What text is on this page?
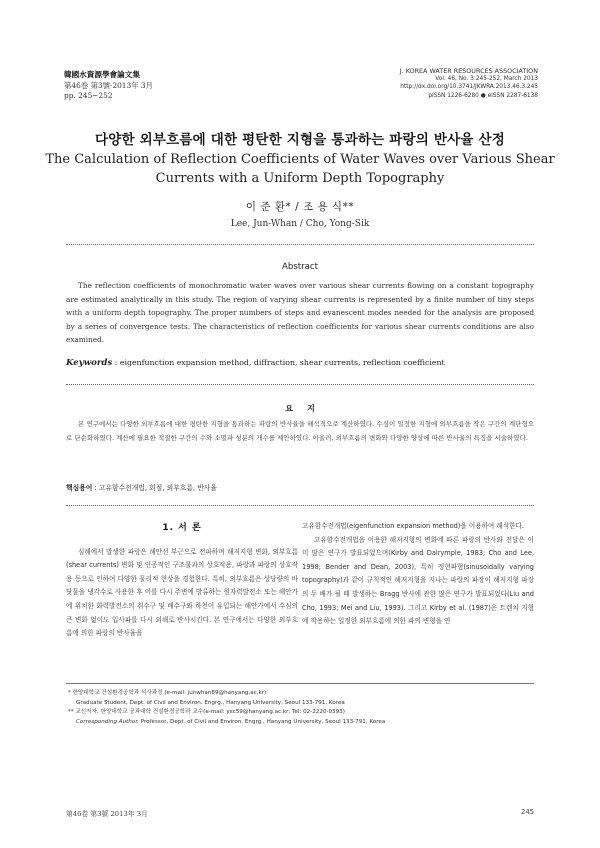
韓國水資源學會論文集
第46卷 第3號·2013年 3月
pp. 245~252
J. KOREA WATER RESOURCES ASSOCIATION
Vol. 46, No. 3:245-252, March 2013
http://dx.doi.org/10.3741/JKWRA.2013.46.3.245
pISSN 1226-6280 ● eISSN 2287-6138
다양한 외부흐름에 대한 평탄한 지형을 통과하는 파랑의 반사율 산정
The Calculation of Reflection Coefficients of Water Waves over Various Shear
Currents with a Uniform Depth Topography
이 준 환* / 조 용 식**
Lee, Jun-Whan / Cho, Yong-Sik
Abstract
The reflection coefficients of monochromatic water waves over various shear currents flowing on a constant topography are estimated analytically in this study. The region of varying shear currents is represented by a finite number of tiny steps with a uniform depth topography. The proper numbers of steps and evanescent modes needed for the analysis are proposed by a series of convergence tests. The characteristics of reflection coefficients for various shear currents conditions are also examined.
Keywords : eigenfunction expansion method, diffraction, shear currents, reflection coefficient
요지
본 연구에서는 다양한 외부흐름에 대한 평탄한 지형을 통과하는 파랑의 반사율을 해석적으로 계산하였다. 수심이 일정한 지형에 외부흐름을 작은 구간의 계단형으로 단순화하였다. 계산에 필요한 적절한 구간의 수와 소멸파 성분의 개수를 제안하였다. 아울러, 외부흐름의 변화와 다양한 양상에 따른 반사율의 특징을 서술하였다.
핵심용어 : 고유함수전개법, 회절, 외부흐름, 반사율
1. 서 론

심해에서 발생한 파랑은 해안선 부근으로 전파하며 해저지형 변화, 외부흐름(shear currents) 변화 및 인공적인 구조물과의 상호작용, 파랑과 파랑의 상호작용 등으로 인하여 다양한 물리적 현상을 경험한다. 특히, 외부흐름은 상당량의 바닷물을 냉각수로 사용한 후 이를 다시 주변에 방류하는 원자력발전소 또는 해안가에 위치한 화력발전소의 취수구 및 배수구와 하천이 유입되는 해안가에서 수심의 큰 변화 없이도 입사파를 다시 외해로 반사시킨다. 본 연구에서는 다양한 외부흐름에 의한 파랑의 반사율을

고유함수전개법(eigenfunction expansion method)을 이용하여 해석한다.

고유함수전개법을 이용한 해저지형의 변화에 따른 파랑의 반사와 전달은 이미 많은 연구가 발표되었으며(Kirby and Dalrymple, 1983; Cho and Lee, 1998; Bender and Dean, 2003), 특히 정현파형(sinusoidally varying topography)과 같이 규칙적인 해저지형을 지나는 파랑의 파장이 해저지형 파장의 두 배가 될 때 발생하는 Bragg 반사에 관한 많은 연구가 발표되었다(Liu and Cho, 1993; Mei and Liu, 1993). 그리고 Kirby et al. (1987)은 트렌치 지형에 작용하는 일정한 외부흐름에 의한 파의 변형을 연

* 한양대학교 건설환경공학과 석사과정 (e-mail: junwhan89@hanyang.ac.kr)
Graduate Student, Dept. of Civil and Environ. Engrg., Hanyang University, Seoul 133-791, Korea
** 교신저자, 한양대학교 공과대학 건설환경공학과 교수(e-mail: ysc59@hanyang.ac.kr, Tel: 02-2220-0393)
Corresponding Author, Professor, Dept. of Civil and Environ. Engrg., Hanyang University, Seoul 133-791, Korea
第46卷 第3號 2013年 3月	245
